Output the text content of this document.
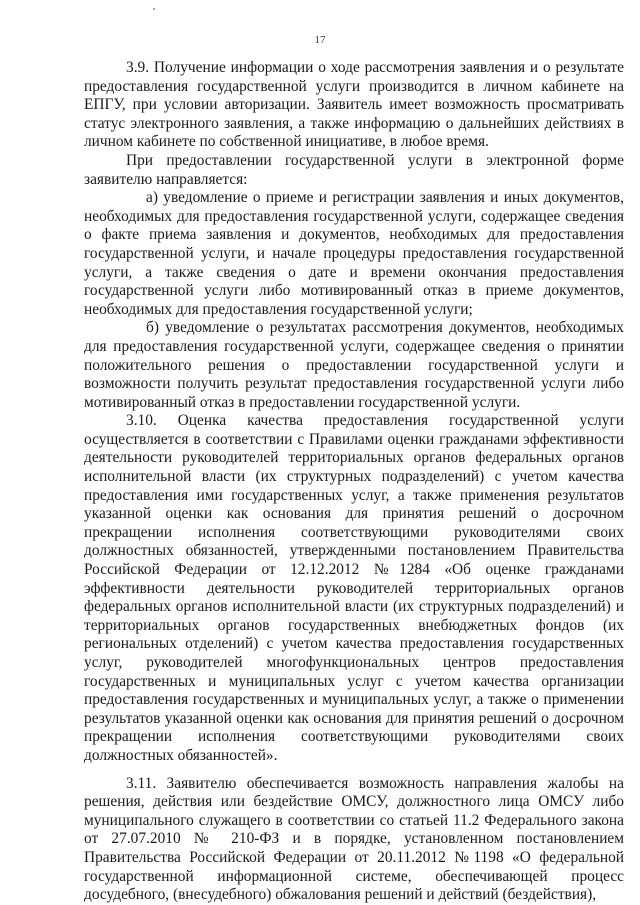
17

3.9. Получение информации о ходе рассмотрения заявления и о результате предоставления государственной услуги производится в личном кабинете на ЕПГУ, при условии авторизации. Заявитель имеет возможность просматривать статус электронного заявления, а также информацию о дальнейших действиях в личном кабинете по собственной инициативе, в любое время.

При предоставлении государственной услуги в электронной форме заявителю направляется:

а) уведомление о приеме и регистрации заявления и иных документов, необходимых для предоставления государственной услуги, содержащее сведения о факте приема заявления и документов, необходимых для предоставления государственной услуги, и начале процедуры предоставления государственной услуги, а также сведения о дате и времени окончания предоставления государственной услуги либо мотивированный отказ в приеме документов, необходимых для предоставления государственной услуги;

б) уведомление о результатах рассмотрения документов, необходимых для предоставления государственной услуги, содержащее сведения о принятии положительного решения о предоставлении государственной услуги и возможности получить результат предоставления государственной услуги либо мотивированный отказ в предоставлении государственной услуги.

3.10. Оценка качества предоставления государственной услуги осуществляется в соответствии с Правилами оценки гражданами эффективности деятельности руководителей территориальных органов федеральных органов исполнительной власти (их структурных подразделений) с учетом качества предоставления ими государственных услуг, а также применения результатов указанной оценки как основания для принятия решений о досрочном прекращении исполнения соответствующими руководителями своих должностных обязанностей, утвержденными постановлением Правительства Российской Федерации от 12.12.2012 №1284 «Об оценке гражданами эффективности деятельности руководителей территориальных органов федеральных органов исполнительной власти (их структурных подразделений) и территориальных органов государственных внебюджетных фондов (их региональных отделений) с учетом качества предоставления государственных услуг, руководителей многофункциональных центров предоставления государственных и муниципальных услуг с учетом качества организации предоставления государственных и муниципальных услуг, а также о применении результатов указанной оценки как основания для принятия решений о досрочном прекращении исполнения соответствующими руководителями своих должностных обязанностей».

3.11. Заявителю обеспечивается возможность направления жалобы на решения, действия или бездействие ОМСУ, должностного лица ОМСУ либо муниципального служащего в соответствии со статьей 11.2 Федерального закона от 27.07.2010 № 210-ФЗ и в порядке, установленном постановлением Правительства Российской Федерации от 20.11.2012 №1198 «О федеральной государственной информационной системе, обеспечивающей процесс досудебного, (внесудебного) обжалования решений и действий (бездействия),
